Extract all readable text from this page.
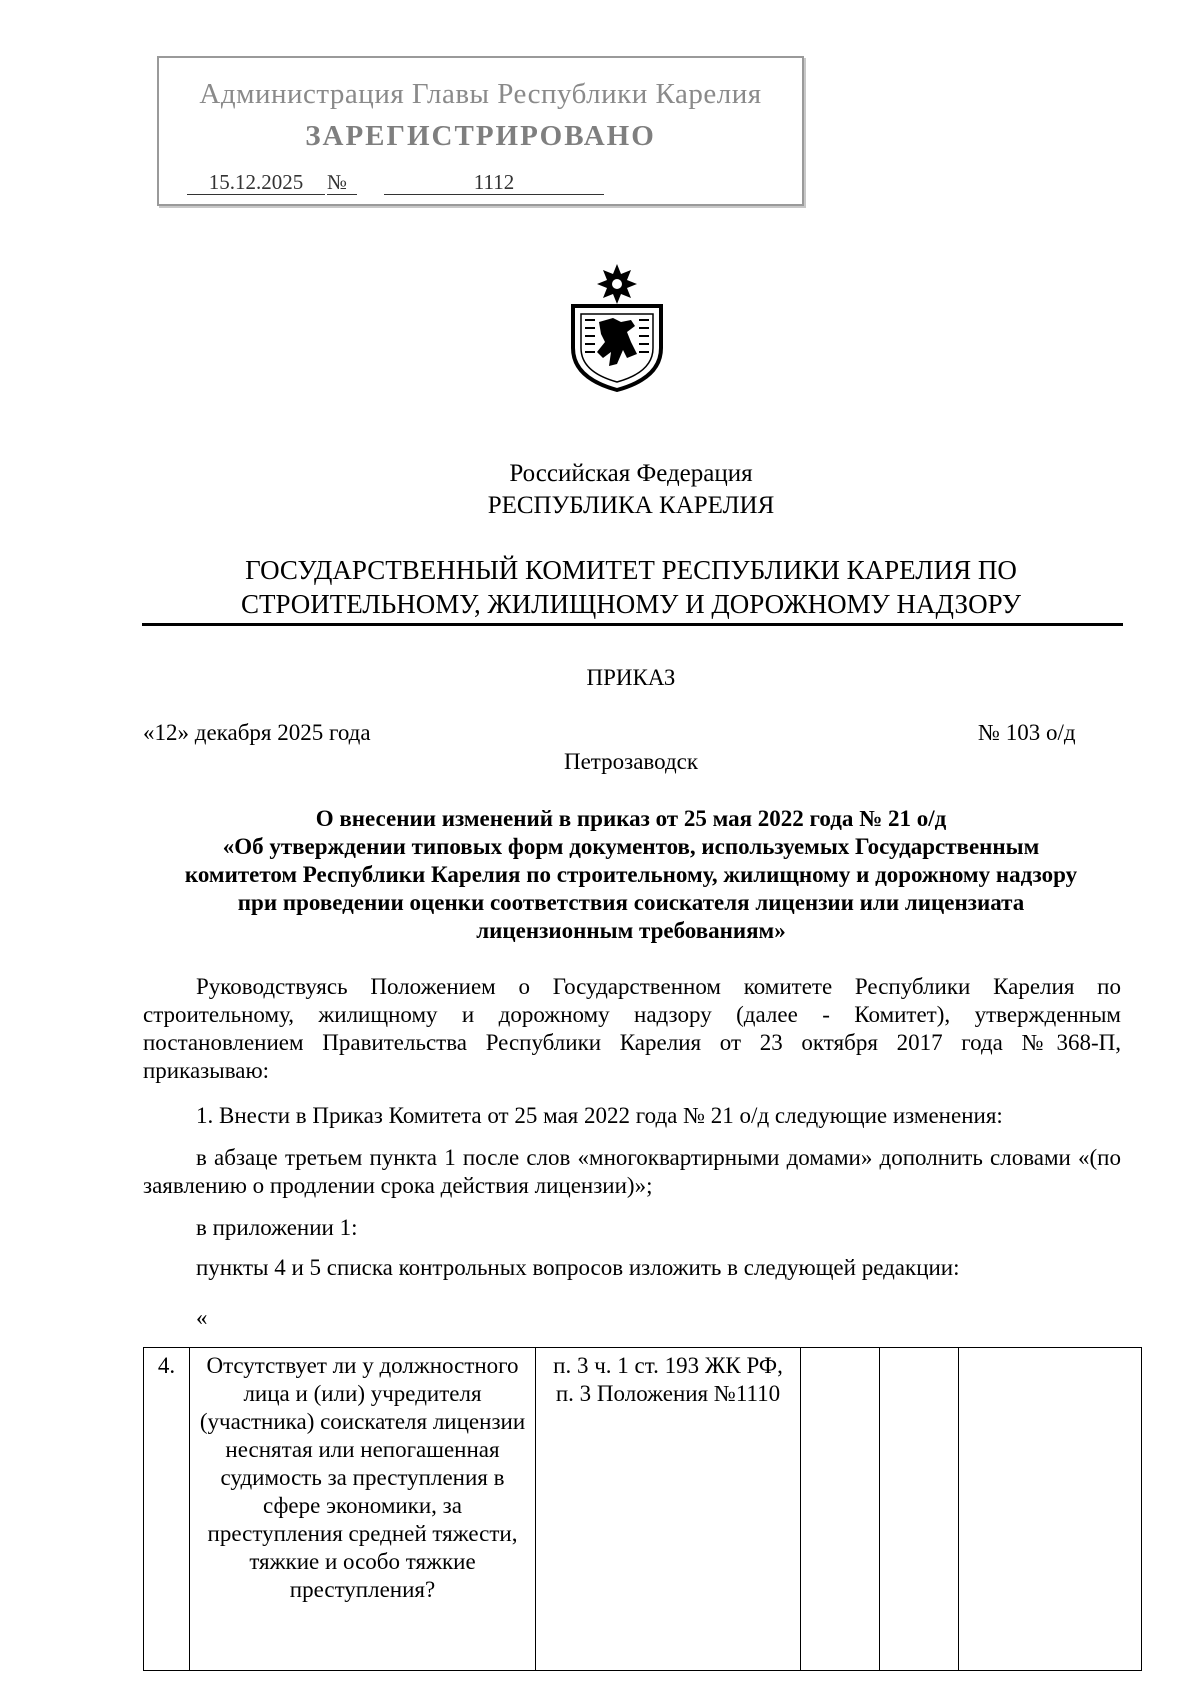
Администрация Главы Республики Карелия
ЗАРЕГИСТРИРОВАНО
15.12.2025	№	1112
Российская Федерация
РЕСПУБЛИКА КАРЕЛИЯ
ГОСУДАРСТВЕННЫЙ КОМИТЕТ РЕСПУБЛИКИ КАРЕЛИЯ ПО
СТРОИТЕЛЬНОМУ, ЖИЛИЩНОМУ И ДОРОЖНОМУ НАДЗОРУ
ПРИКАЗ
«12» декабря 2025 года	№ 103 о/д
Петрозаводск
О внесении изменений в приказ от 25 мая 2022 года № 21 о/д
«Об утверждении типовых форм документов, используемых Государственным
комитетом Республики Карелия по строительному, жилищному и дорожному надзору
при проведении оценки соответствия соискателя лицензии или лицензиата
лицензионным требованиям»
Руководствуясь Положением о Государственном комитете Республики Карелия по строительному, жилищному и дорожному надзору (далее - Комитет), утвержденным постановлением Правительства Республики Карелия от 23 октября 2017 года №368-П, приказываю:
1. Внести в Приказ Комитета от 25 мая 2022 года № 21 о/д следующие изменения:
в абзаце третьем пункта 1 после слов «многоквартирными домами» дополнить словами «(по заявлению о продлении срока действия лицензии)»;
в приложении 1:
пункты 4 и 5 списка контрольных вопросов изложить в следующей редакции:
«
4.	Отсутствует ли у должностного лица и (или) учредителя (участника) соискателя лицензии неснятая или непогашенная судимость за преступления в сфере экономики, за преступления средней тяжести, тяжкие и особо тяжкие преступления?	п. 3 ч. 1 ст. 193 ЖК РФ, п. 3 Положения №1110			
